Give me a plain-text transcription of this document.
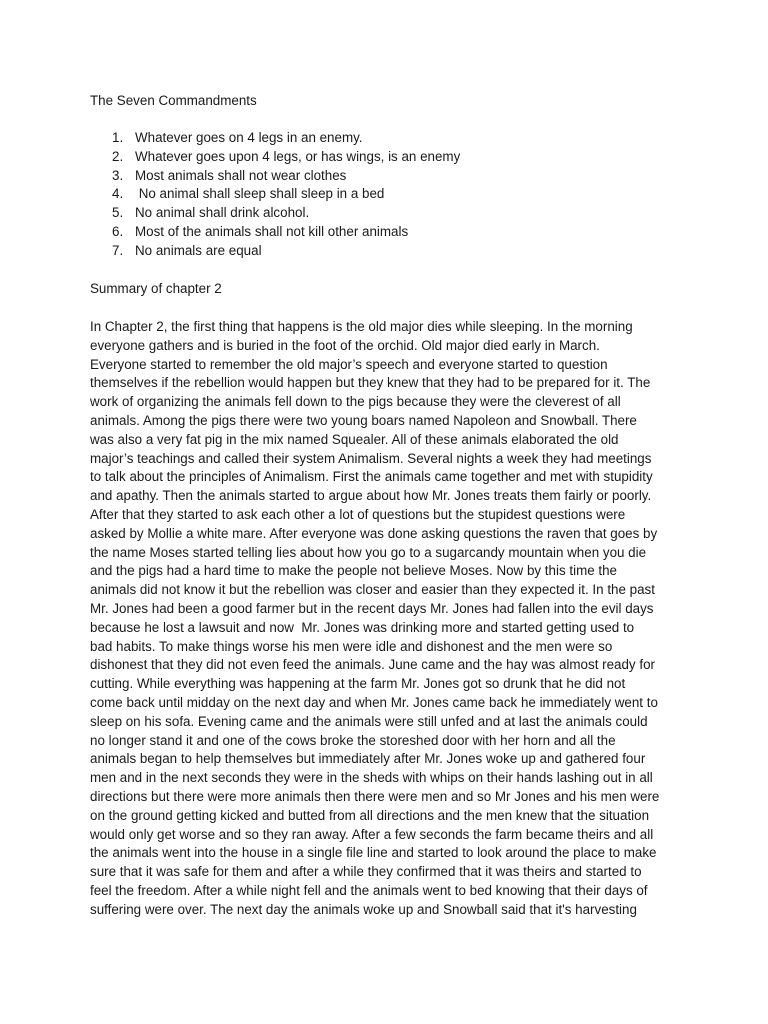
The Seven Commandments
1. Whatever goes on 4 legs in an enemy.
2. Whatever goes upon 4 legs, or has wings, is an enemy
3. Most animals shall not wear clothes
4. No animal shall sleep shall sleep in a bed
5. No animal shall drink alcohol.
6. Most of the animals shall not kill other animals
7. No animals are equal
Summary of chapter 2
In Chapter 2, the first thing that happens is the old major dies while sleeping. In the morning
everyone gathers and is buried in the foot of the orchid. Old major died early in March.
Everyone started to remember the old major’s speech and everyone started to question
themselves if the rebellion would happen but they knew that they had to be prepared for it. The
work of organizing the animals fell down to the pigs because they were the cleverest of all
animals. Among the pigs there were two young boars named Napoleon and Snowball. There
was also a very fat pig in the mix named Squealer. All of these animals elaborated the old
major’s teachings and called their system Animalism. Several nights a week they had meetings
to talk about the principles of Animalism. First the animals came together and met with stupidity
and apathy. Then the animals started to argue about how Mr. Jones treats them fairly or poorly.
After that they started to ask each other a lot of questions but the stupidest questions were
asked by Mollie a white mare. After everyone was done asking questions the raven that goes by
the name Moses started telling lies about how you go to a sugarcandy mountain when you die
and the pigs had a hard time to make the people not believe Moses. Now by this time the
animals did not know it but the rebellion was closer and easier than they expected it. In the past
Mr. Jones had been a good farmer but in the recent days Mr. Jones had fallen into the evil days
because he lost a lawsuit and now  Mr. Jones was drinking more and started getting used to
bad habits. To make things worse his men were idle and dishonest and the men were so
dishonest that they did not even feed the animals. June came and the hay was almost ready for
cutting. While everything was happening at the farm Mr. Jones got so drunk that he did not
come back until midday on the next day and when Mr. Jones came back he immediately went to
sleep on his sofa. Evening came and the animals were still unfed and at last the animals could
no longer stand it and one of the cows broke the storeshed door with her horn and all the
animals began to help themselves but immediately after Mr. Jones woke up and gathered four
men and in the next seconds they were in the sheds with whips on their hands lashing out in all
directions but there were more animals then there were men and so Mr Jones and his men were
on the ground getting kicked and butted from all directions and the men knew that the situation
would only get worse and so they ran away. After a few seconds the farm became theirs and all
the animals went into the house in a single file line and started to look around the place to make
sure that it was safe for them and after a while they confirmed that it was theirs and started to
feel the freedom. After a while night fell and the animals went to bed knowing that their days of
suffering were over. The next day the animals woke up and Snowball said that it's harvesting
